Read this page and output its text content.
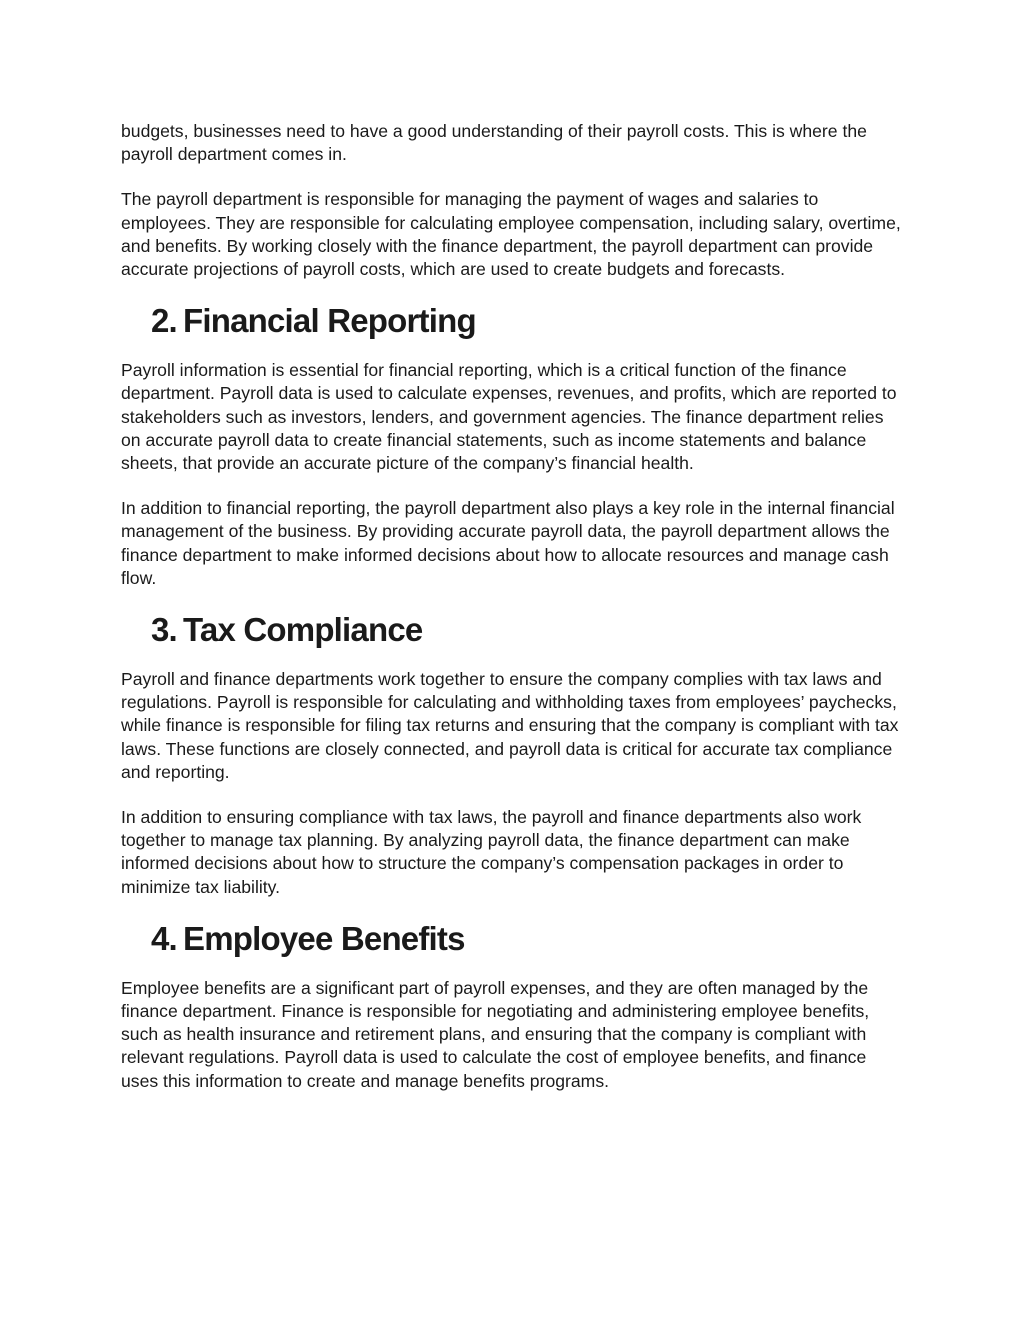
budgets, businesses need to have a good understanding of their payroll costs. This is where the payroll department comes in.

The payroll department is responsible for managing the payment of wages and salaries to employees. They are responsible for calculating employee compensation, including salary, overtime, and benefits. By working closely with the finance department, the payroll department can provide accurate projections of payroll costs, which are used to create budgets and forecasts.

2. Financial Reporting

Payroll information is essential for financial reporting, which is a critical function of the finance department. Payroll data is used to calculate expenses, revenues, and profits, which are reported to stakeholders such as investors, lenders, and government agencies. The finance department relies on accurate payroll data to create financial statements, such as income statements and balance sheets, that provide an accurate picture of the company’s financial health.

In addition to financial reporting, the payroll department also plays a key role in the internal financial management of the business. By providing accurate payroll data, the payroll department allows the finance department to make informed decisions about how to allocate resources and manage cash flow.

3. Tax Compliance

Payroll and finance departments work together to ensure the company complies with tax laws and regulations. Payroll is responsible for calculating and withholding taxes from employees’ paychecks, while finance is responsible for filing tax returns and ensuring that the company is compliant with tax laws. These functions are closely connected, and payroll data is critical for accurate tax compliance and reporting.

In addition to ensuring compliance with tax laws, the payroll and finance departments also work together to manage tax planning. By analyzing payroll data, the finance department can make informed decisions about how to structure the company’s compensation packages in order to minimize tax liability.

4. Employee Benefits

Employee benefits are a significant part of payroll expenses, and they are often managed by the finance department. Finance is responsible for negotiating and administering employee benefits, such as health insurance and retirement plans, and ensuring that the company is compliant with relevant regulations. Payroll data is used to calculate the cost of employee benefits, and finance uses this information to create and manage benefits programs.
